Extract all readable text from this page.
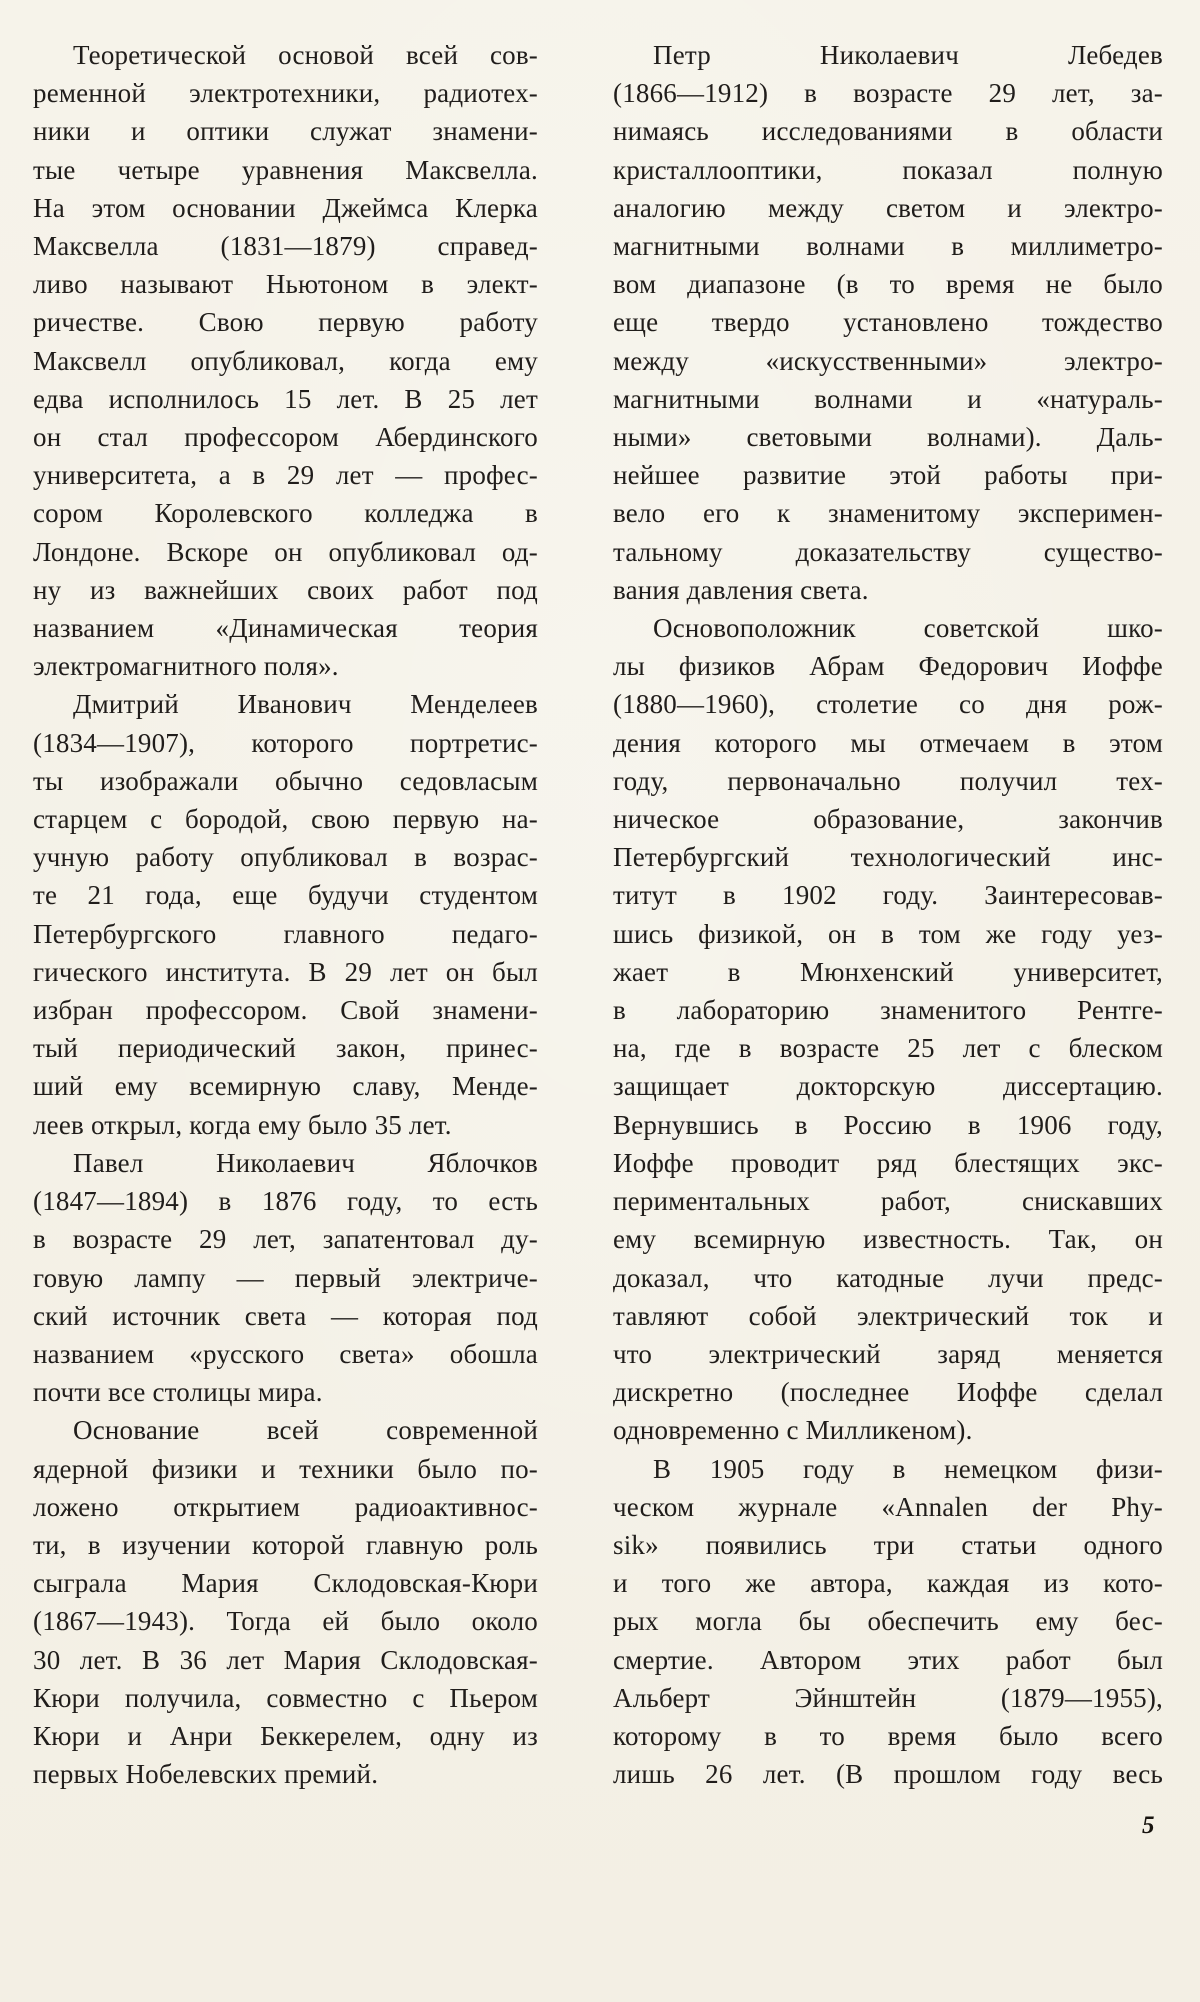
Теоретической основой всей сов-
ременной электротехники, радиотех-
ники и оптики служат знамени-
тые четыре уравнения Максвелла.
На этом основании Джеймса Клерка
Максвелла (1831—1879) справед-
ливо называют Ньютоном в элект-
ричестве. Свою первую работу
Максвелл опубликовал, когда ему
едва исполнилось 15 лет. В 25 лет
он стал профессором Абердинского
университета, а в 29 лет — профес-
сором Королевского колледжа в
Лондоне. Вскоре он опубликовал од-
ну из важнейших своих работ под
названием «Динамическая теория
электромагнитного поля».
Дмитрий Иванович Менделеев
(1834—1907), которого портретис-
ты изображали обычно седовласым
старцем с бородой, свою первую на-
учную работу опубликовал в возрас-
те 21 года, еще будучи студентом
Петербургского главного педаго-
гического института. В 29 лет он был
избран профессором. Свой знамени-
тый периодический закон, принес-
ший ему всемирную славу, Менде-
леев открыл, когда ему было 35 лет.
Павел Николаевич Яблочков
(1847—1894) в 1876 году, то есть
в возрасте 29 лет, запатентовал ду-
говую лампу — первый электриче-
ский источник света — которая под
названием «русского света» обошла
почти все столицы мира.
Основание всей современной
ядерной физики и техники было по-
ложено открытием радиоактивнос-
ти, в изучении которой главную роль
сыграла Мария Склодовская-Кюри
(1867—1943). Тогда ей было около
30 лет. В 36 лет Мария Склодовская-
Кюри получила, совместно с Пьером
Кюри и Анри Беккерелем, одну из
первых Нобелевских премий.
Петр Николаевич Лебедев
(1866—1912) в возрасте 29 лет, за-
нимаясь исследованиями в области
кристаллооптики, показал полную
аналогию между светом и электро-
магнитными волнами в миллиметро-
вом диапазоне (в то время не было
еще твердо установлено тождество
между «искусственными» электро-
магнитными волнами и «натураль-
ными» световыми волнами). Даль-
нейшее развитие этой работы при-
вело его к знаменитому эксперимен-
тальному доказательству существо-
вания давления света.
Основоположник советской шко-
лы физиков Абрам Федорович Иоффе
(1880—1960), столетие со дня рож-
дения которого мы отмечаем в этом
году, первоначально получил тех-
ническое образование, закончив
Петербургский технологический инс-
титут в 1902 году. Заинтересовав-
шись физикой, он в том же году уез-
жает в Мюнхенский университет,
в лабораторию знаменитого Рентге-
на, где в возрасте 25 лет с блеском
защищает докторскую диссертацию.
Вернувшись в Россию в 1906 году,
Иоффе проводит ряд блестящих экс-
периментальных работ, снискавших
ему всемирную известность. Так, он
доказал, что катодные лучи предс-
тавляют собой электрический ток и
что электрический заряд меняется
дискретно (последнее Иоффе сделал
одновременно с Милликеном).
В 1905 году в немецком физи-
ческом журнале «Annalen der Phy-
sik» появились три статьи одного
и того же автора, каждая из кото-
рых могла бы обеспечить ему бес-
смертие. Автором этих работ был
Альберт Эйнштейн (1879—1955),
которому в то время было всего
лишь 26 лет. (В прошлом году весь
5
